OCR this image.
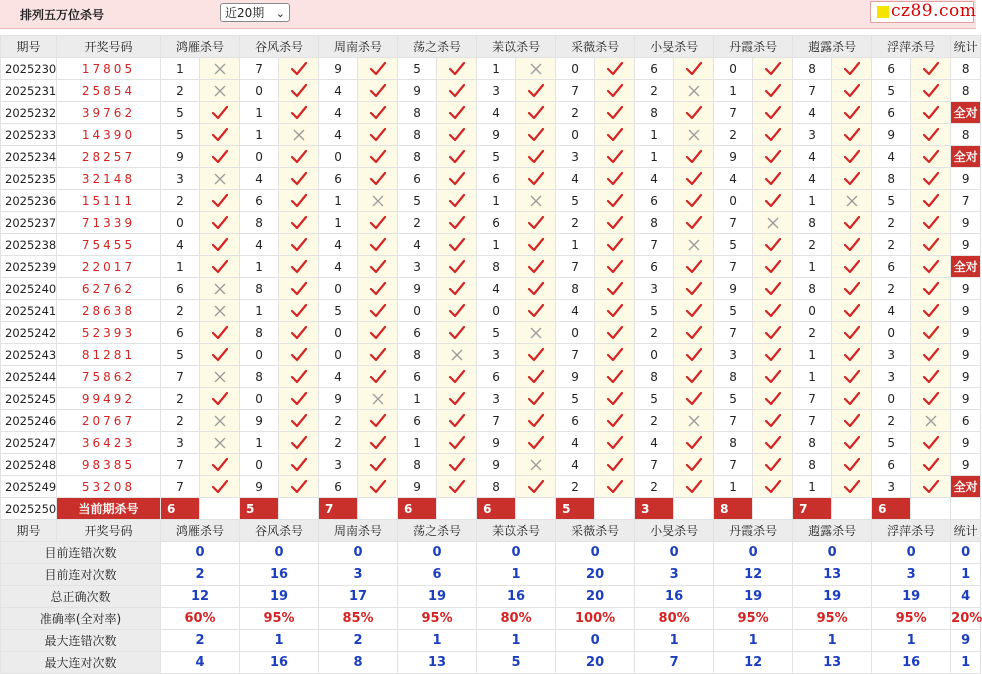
排列五万位杀号	近20期 ⌄	cz89.com
期号	开奖号码	鸿雁杀号		谷风杀号		周南杀号		荡之杀号		苿苡杀号		采薇杀号		小旻杀号		丹霞杀号		蕸露杀号		浮萍杀号		统计
2025230	17805	1		7		9		5		1		0		6		0		8		6		8
2025231	25854	2		0		4		9		3		7		2		1		7		5		8
2025232	39762	5		1		4		8		4		2		8		7		4		6		全对
2025233	14390	5		1		4		8		9		0		1		2		3		9		8
2025234	28257	9		0		0		8		5		3		1		9		4		4		全对
2025235	32148	3		4		6		6		6		4		4		4		4		8		9
2025236	15111	2		6		1		5		1		5		6		0		1		5		7
2025237	71339	0		8		1		2		6		2		8		7		8		2		9
2025238	75455	4		4		4		4		1		1		7		5		2		2		9
2025239	22017	1		1		4		3		8		7		6		7		1		6		全对
2025240	62762	6		8		0		9		4		8		3		9		8		2		9
2025241	28638	2		1		5		0		0		4		5		5		0		4		9
2025242	52393	6		8		0		6		5		0		2		7		2		0		9
2025243	81281	5		0		0		8		3		7		0		3		1		3		9
2025244	75862	7		8		4		6		6		9		8		8		1		3		9
2025245	99492	2		0		9		1		3		5		5		5		7		0		9
2025246	20767	2		9		2		6		7		6		2		7		7		2		6
2025247	36423	3		1		2		1		9		4		4		8		8		5		9
2025248	98385	7		0		3		8		9		4		7		7		8		6		9
2025249	53208	7		9		6		9		8		2		2		1		1		3		全对
2025250	当前期杀号	6		5		7		6		6		5		3		8		7		6		
期号	开奖号码	鸿雁杀号		谷风杀号		周南杀号		荡之杀号		苿苡杀号		采薇杀号		小旻杀号		丹霞杀号		蕸露杀号		浮萍杀号		统计
目前连错次数		0		0		0		0		0		0		0		0		0		0		0
目前连对次数		2		16		3		6		1		20		3		12		13		3		1
总正确次数		12		19		17		19		16		20		16		19		19		19		4
准确率(全对率)		60%		95%		85%		95%		80%		100%		80%		95%		95%		95%		20%
最大连错次数		2		1		2		1		1		0		1		1		1		1		9
最大连对次数		4		16		8		13		5		20		7		12		13		16		1
